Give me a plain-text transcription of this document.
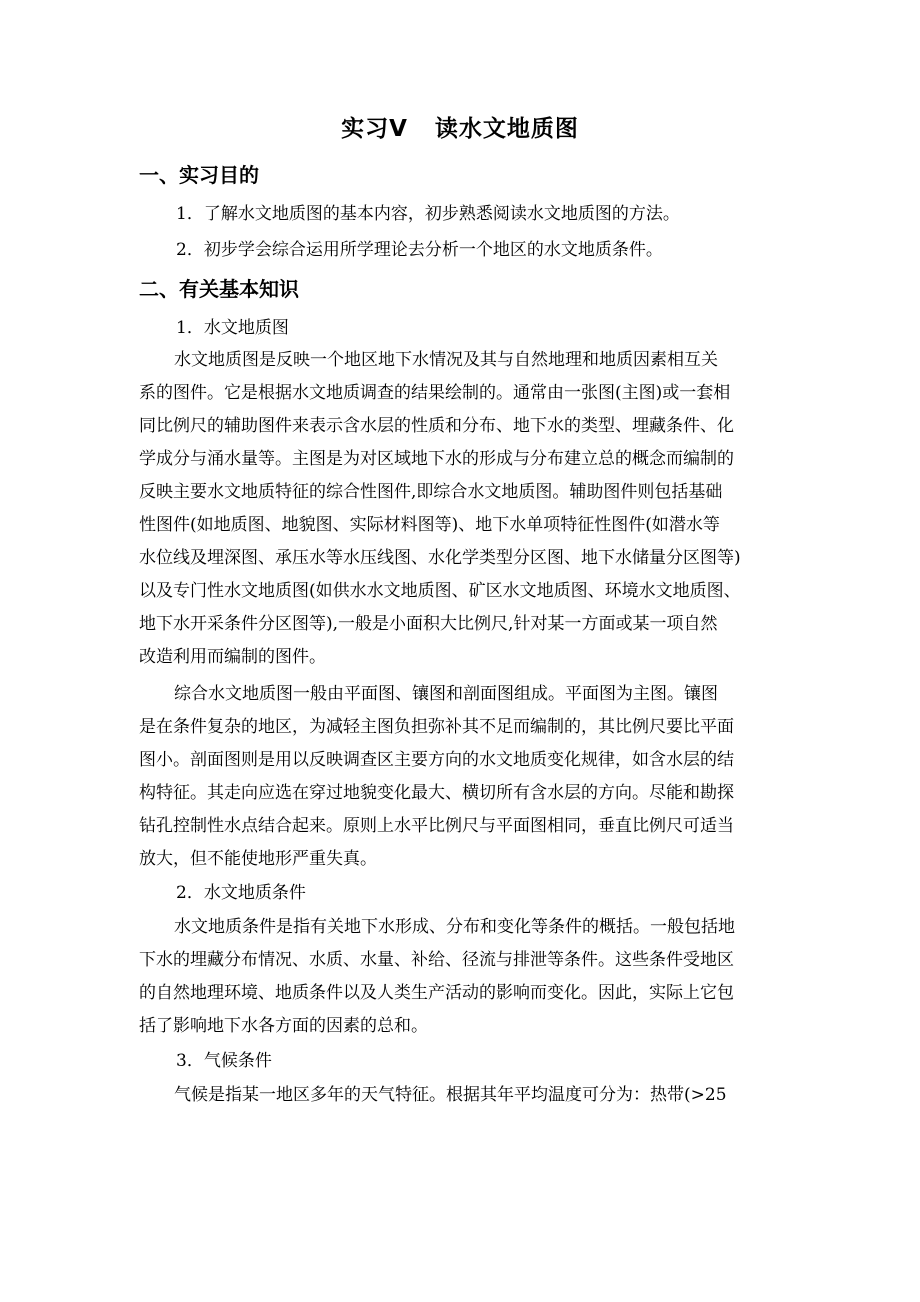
实习Ⅴ   读水文地质图
一、实习目的
1．了解水文地质图的基本内容，初步熟悉阅读水文地质图的方法。
2．初步学会综合运用所学理论去分析一个地区的水文地质条件。
二、有关基本知识
1．水文地质图
水文地质图是反映一个地区地下水情况及其与自然地理和地质因素相互关
系的图件。它是根据水文地质调查的结果绘制的。通常由一张图(主图)或一套相
同比例尺的辅助图件来表示含水层的性质和分布、地下水的类型、埋藏条件、化
学成分与涌水量等。主图是为对区域地下水的形成与分布建立总的概念而编制的
反映主要水文地质特征的综合性图件,即综合水文地质图。辅助图件则包括基础
性图件(如地质图、地貌图、实际材料图等)、地下水单项特征性图件(如潜水等
水位线及埋深图、承压水等水压线图、水化学类型分区图、地下水储量分区图等)
以及专门性水文地质图(如供水水文地质图、矿区水文地质图、环境水文地质图、
地下水开采条件分区图等),一般是小面积大比例尺,针对某一方面或某一项自然
改造利用而编制的图件。
综合水文地质图一般由平面图、镶图和剖面图组成。平面图为主图。镶图
是在条件复杂的地区，为减轻主图负担弥补其不足而编制的，其比例尺要比平面
图小。剖面图则是用以反映调查区主要方向的水文地质变化规律，如含水层的结
构特征。其走向应选在穿过地貌变化最大、横切所有含水层的方向。尽能和勘探
钻孔控制性水点结合起来。原则上水平比例尺与平面图相同，垂直比例尺可适当
放大，但不能使地形严重失真。
2．水文地质条件
水文地质条件是指有关地下水形成、分布和变化等条件的概括。一般包括地
下水的埋藏分布情况、水质、水量、补给、径流与排泄等条件。这些条件受地区
的自然地理环境、地质条件以及人类生产活动的影响而变化。因此，实际上它包
括了影响地下水各方面的因素的总和。
3．气候条件
气候是指某一地区多年的天气特征。根据其年平均温度可分为：热带(>25
